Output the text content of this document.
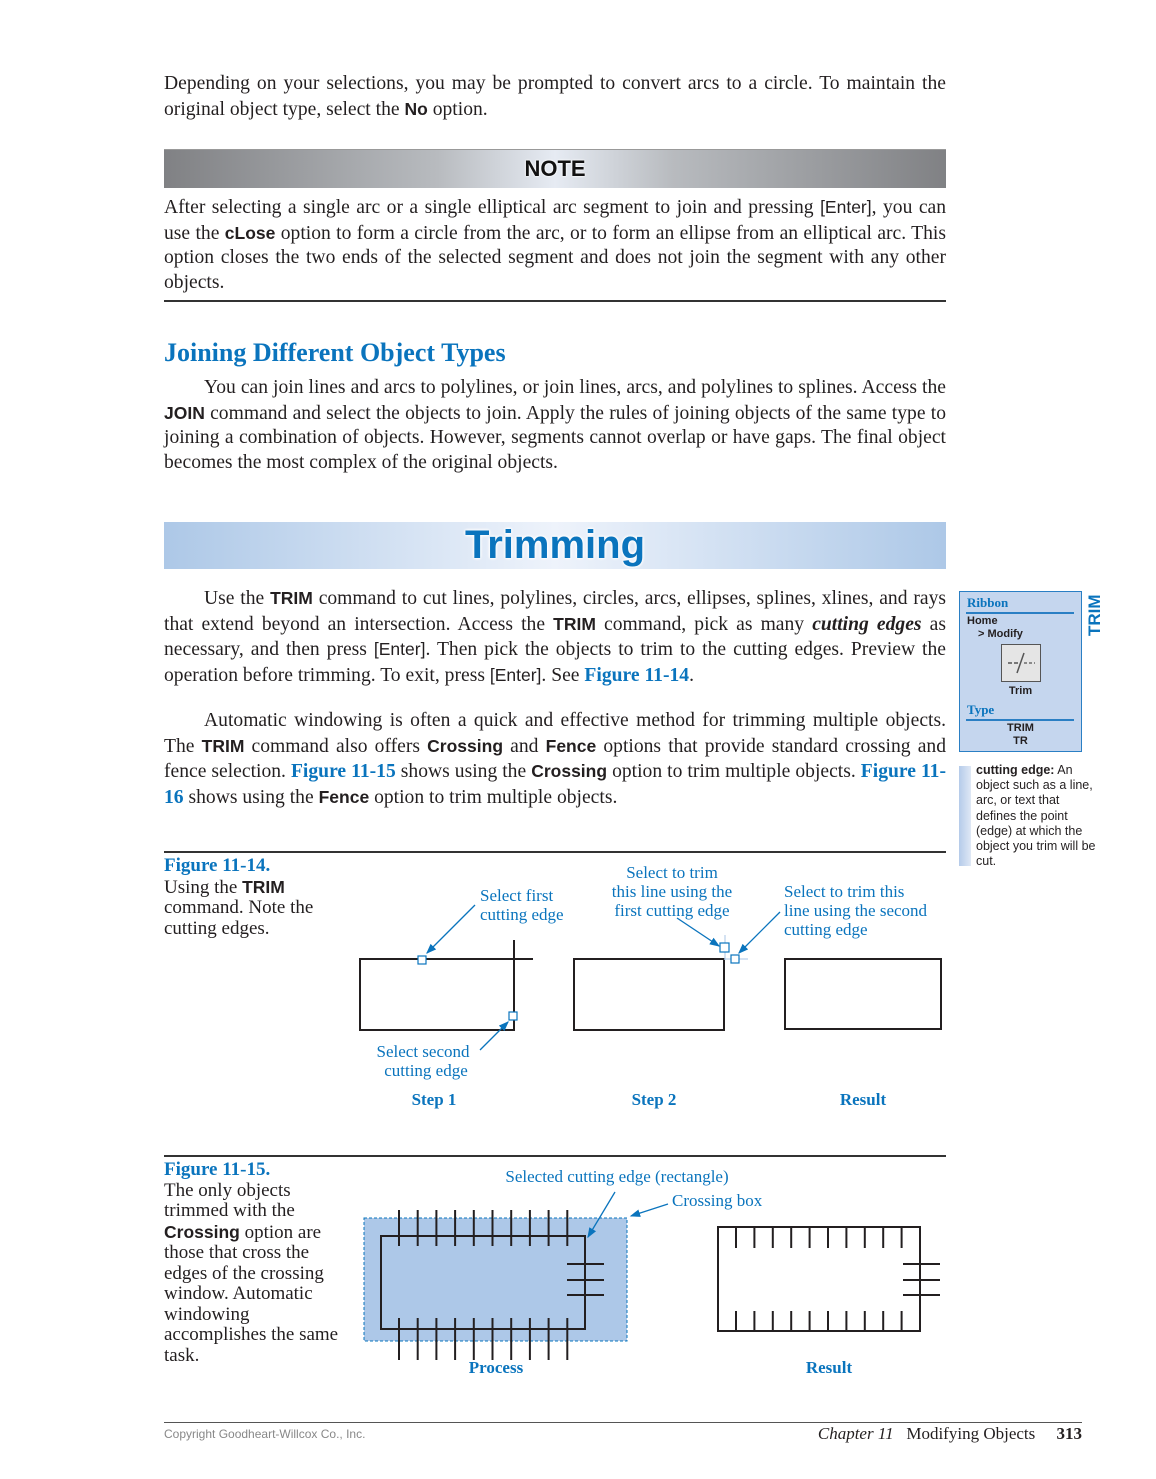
Depending on your selections, you may be prompted to convert arcs to a circle. To maintain the original object type, select the No option.
NOTE
After selecting a single arc or a single elliptical arc segment to join and pressing [Enter], you can use the cLose option to form a circle from the arc, or to form an ellipse from an elliptical arc. This option closes the two ends of the selected segment and does not join the segment with any other objects.
Joining Different Object Types
You can join lines and arcs to polylines, or join lines, arcs, and polylines to splines. Access the JOIN command and select the objects to join. Apply the rules of joining objects of the same type to joining a combination of objects. However, segments cannot overlap or have gaps. The final object becomes the most complex of the original objects.
Trimming
Use the TRIM command to cut lines, polylines, circles, arcs, ellipses, splines, xlines, and rays that extend beyond an intersection. Access the TRIM command, pick as many cutting edges as necessary, and then press [Enter]. Then pick the objects to trim to the cutting edges. Preview the operation before trimming. To exit, press [Enter]. See Figure 11-14.
Automatic windowing is often a quick and effective method for trimming multiple objects. The TRIM command also offers Crossing and Fence options that provide standard crossing and fence selection. Figure 11-15 shows using the Crossing option to trim multiple objects. Figure 11-16 shows using the Fence option to trim multiple objects.
Ribbon
Home
> Modify
Trim
Type
TRIM
TR
TRIM
cutting edge: An object such as a line, arc, or text that defines the point (edge) at which the object you trim will be cut.
Figure 11-14.
Using the TRIM command. Note the cutting edges.
Figure 11-15.
The only objects trimmed with the Crossing option are those that cross the edges of the crossing window. Automatic windowing accomplishes the same task.
Select first cutting edge
Select second cutting edge
Select to trim this line using the first cutting edge
Select to trim this line using the second cutting edge
Step 1	Step 2	Result
Selected cutting edge (rectangle)
Crossing box
Process	Result
Copyright Goodheart-Willcox Co., Inc.	Chapter 11 Modifying Objects 313
